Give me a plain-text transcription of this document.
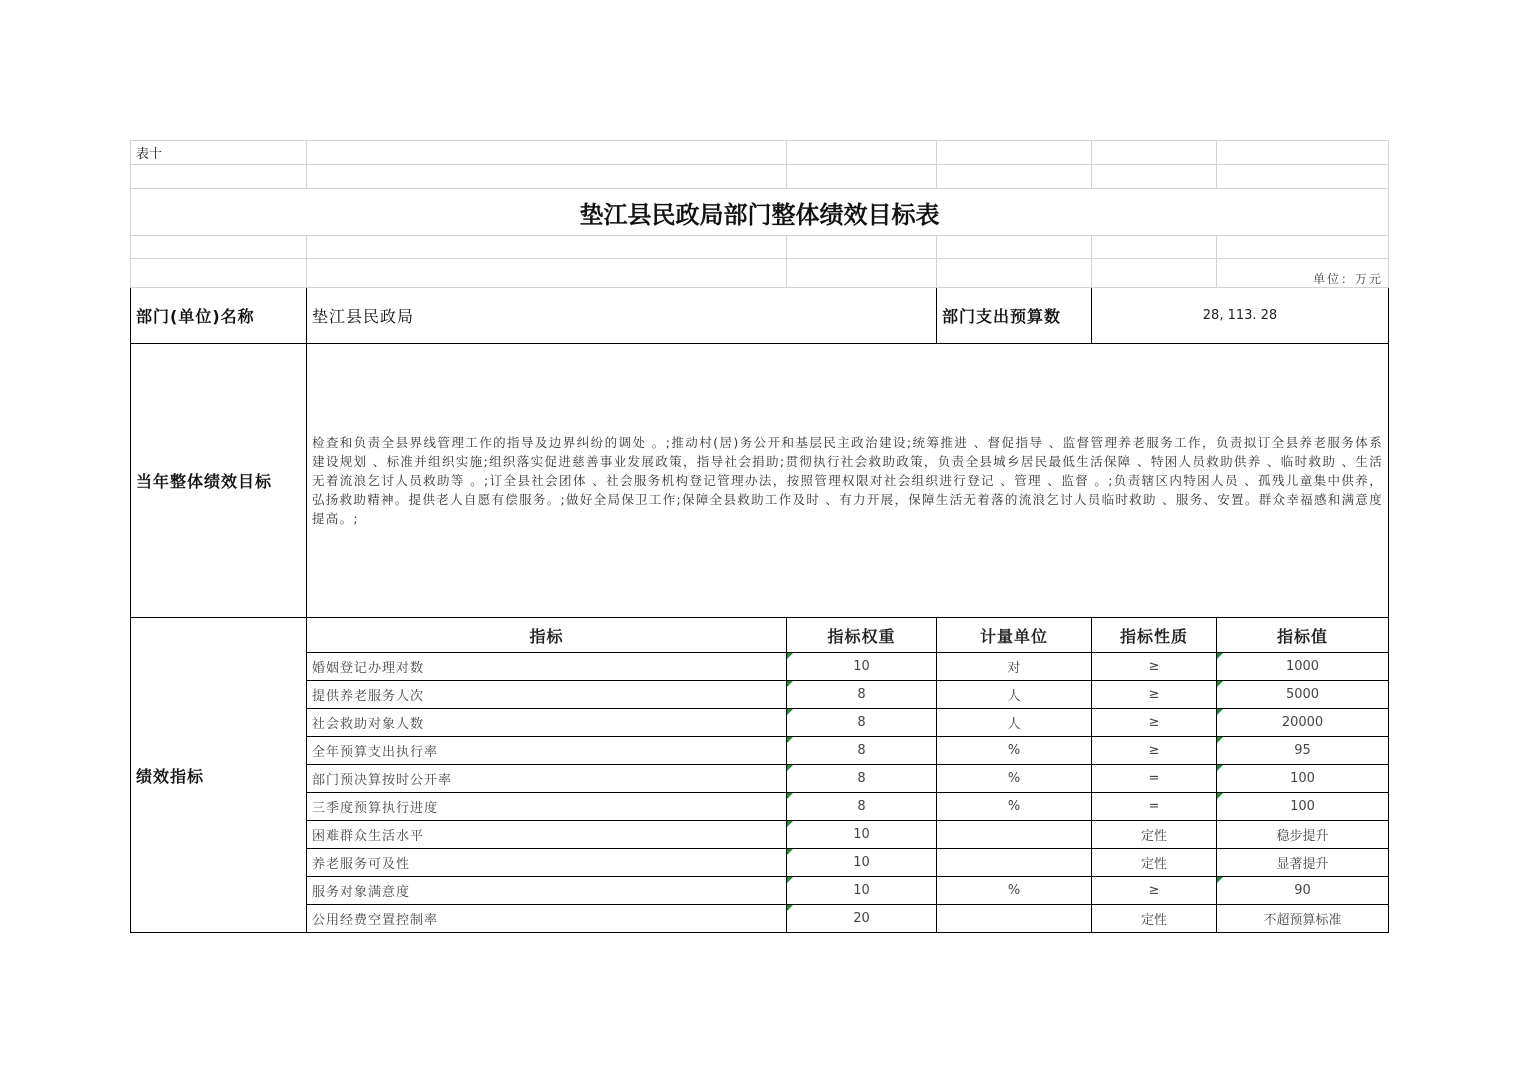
表十					

垫江县民政局部门整体绩效目标表					

					单位：万元
部门(单位)名称	垫江县民政局		部门支出预算数	28, 113. 28	
当年整体绩效目标	检查和负责全县界线管理工作的指导及边界纠纷的调处 。;推动村(居)务公开和基层民主政治建设;统筹推进 、督促指导 、监督管理养老服务工作，负责拟订全县养老服务体系建设规划 、标准并组织实施;组织落实促进慈善事业发展政策，指导社会捐助;贯彻执行社会救助政策，负责全县城乡居民最低生活保障 、特困人员救助供养 、临时救助 、生活无着流浪乞讨人员救助等 。;订全县社会团体 、社会服务机构登记管理办法，按照管理权限对社会组织进行登记 、管理 、监督 。;负责辖区内特困人员 、孤残儿童集中供养，弘扬救助精神。提供老人自愿有偿服务。;做好全局保卫工作;保障全县救助工作及时 、有力开展，保障生活无着落的流浪乞讨人员临时救助 、服务、安置。群众幸福感和满意度提高。;				
绩效指标	指标	指标权重	计量单位	指标性质	指标值
	婚姻登记办理对数	10	对	≥	1000
	提供养老服务人次	8	人	≥	5000
	社会救助对象人数	8	人	≥	20000
	全年预算支出执行率	8	%	≥	95
	部门预决算按时公开率	8	%	=	100
	三季度预算执行进度	8	%	=	100
	困难群众生活水平	10		定性	稳步提升
	养老服务可及性	10		定性	显著提升
	服务对象满意度	10	%	≥	90
	公用经费空置控制率	20		定性	不超预算标准
